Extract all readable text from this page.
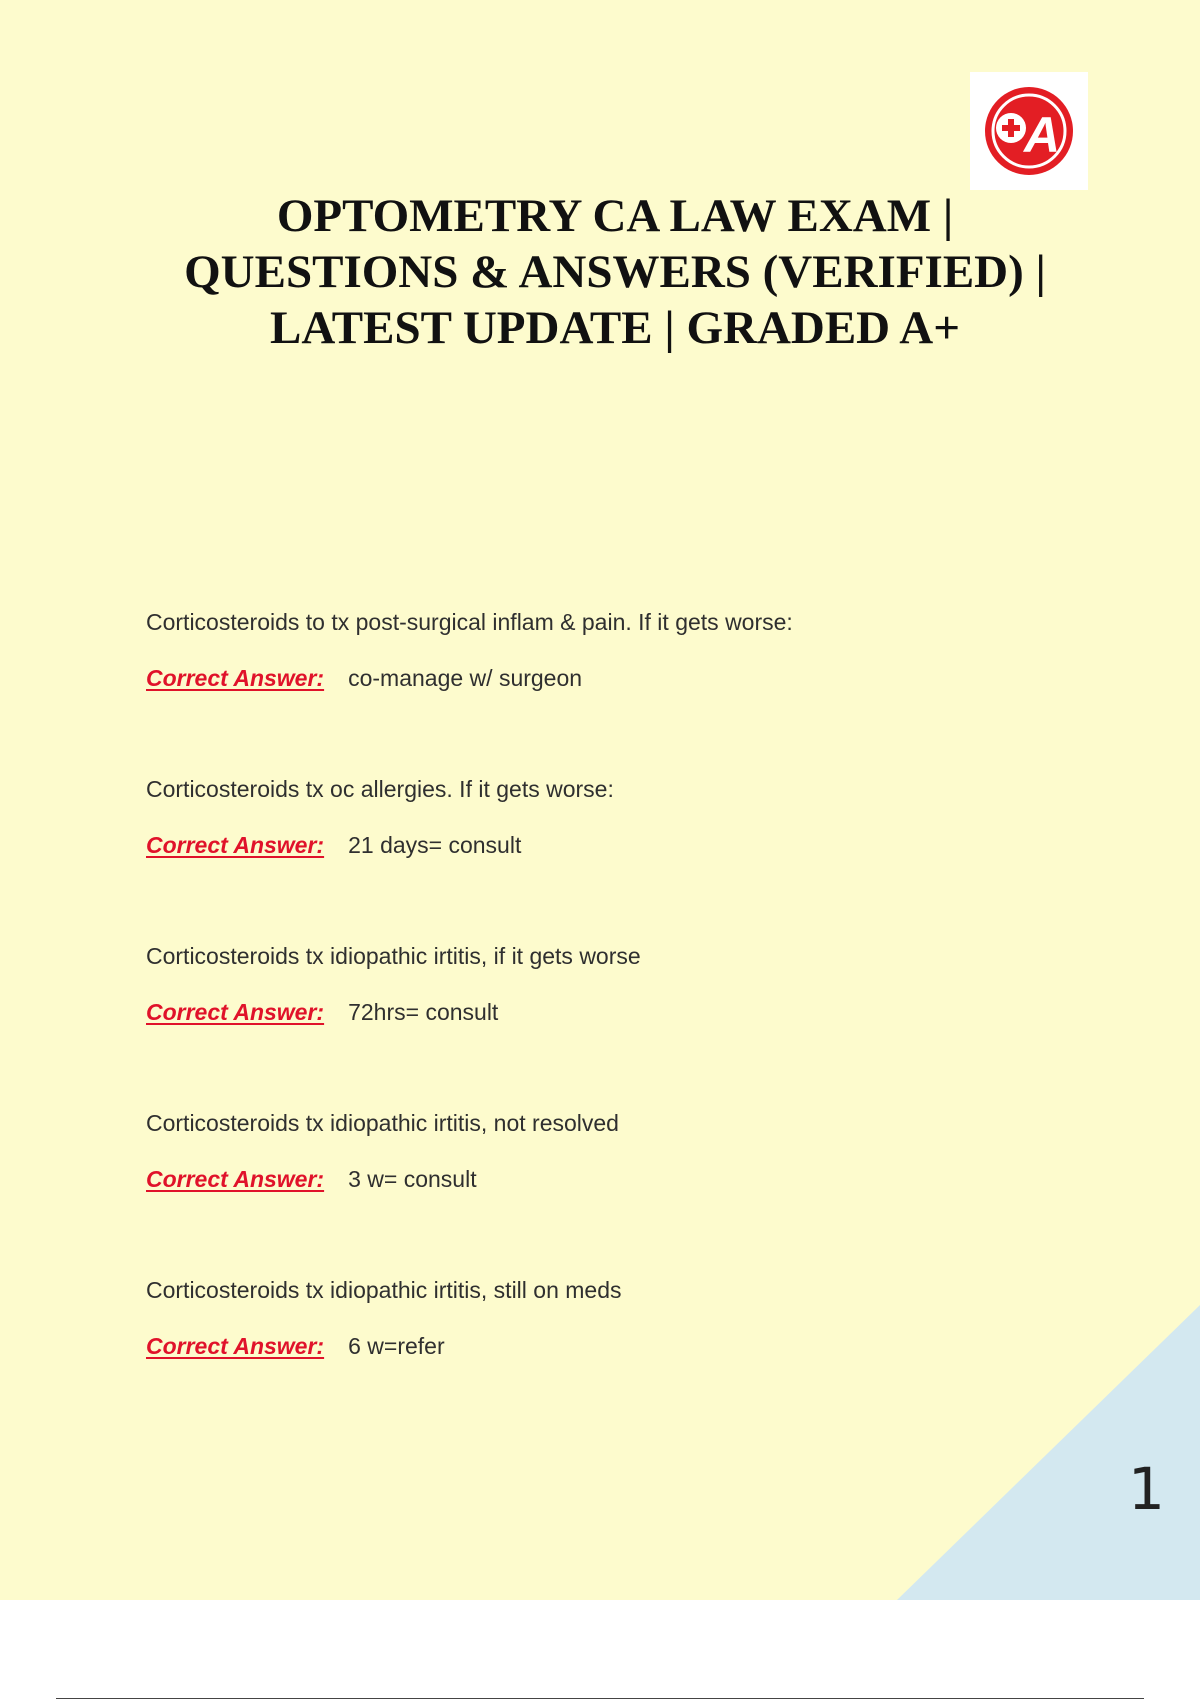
A
OPTOMETRY CA LAW EXAM |
QUESTIONS & ANSWERS (VERIFIED) |
LATEST UPDATE | GRADED A+

Corticosteroids to tx post-surgical inflam & pain. If it gets worse:

Correct Answer: co-manage w/ surgeon

Corticosteroids tx oc allergies. If it gets worse:

Correct Answer: 21 days= consult

Corticosteroids tx idiopathic irtitis, if it gets worse

Correct Answer: 72hrs= consult

Corticosteroids tx idiopathic irtitis, not resolved

Correct Answer: 3 w= consult

Corticosteroids tx idiopathic irtitis, still on meds

Correct Answer: 6 w=refer
1
